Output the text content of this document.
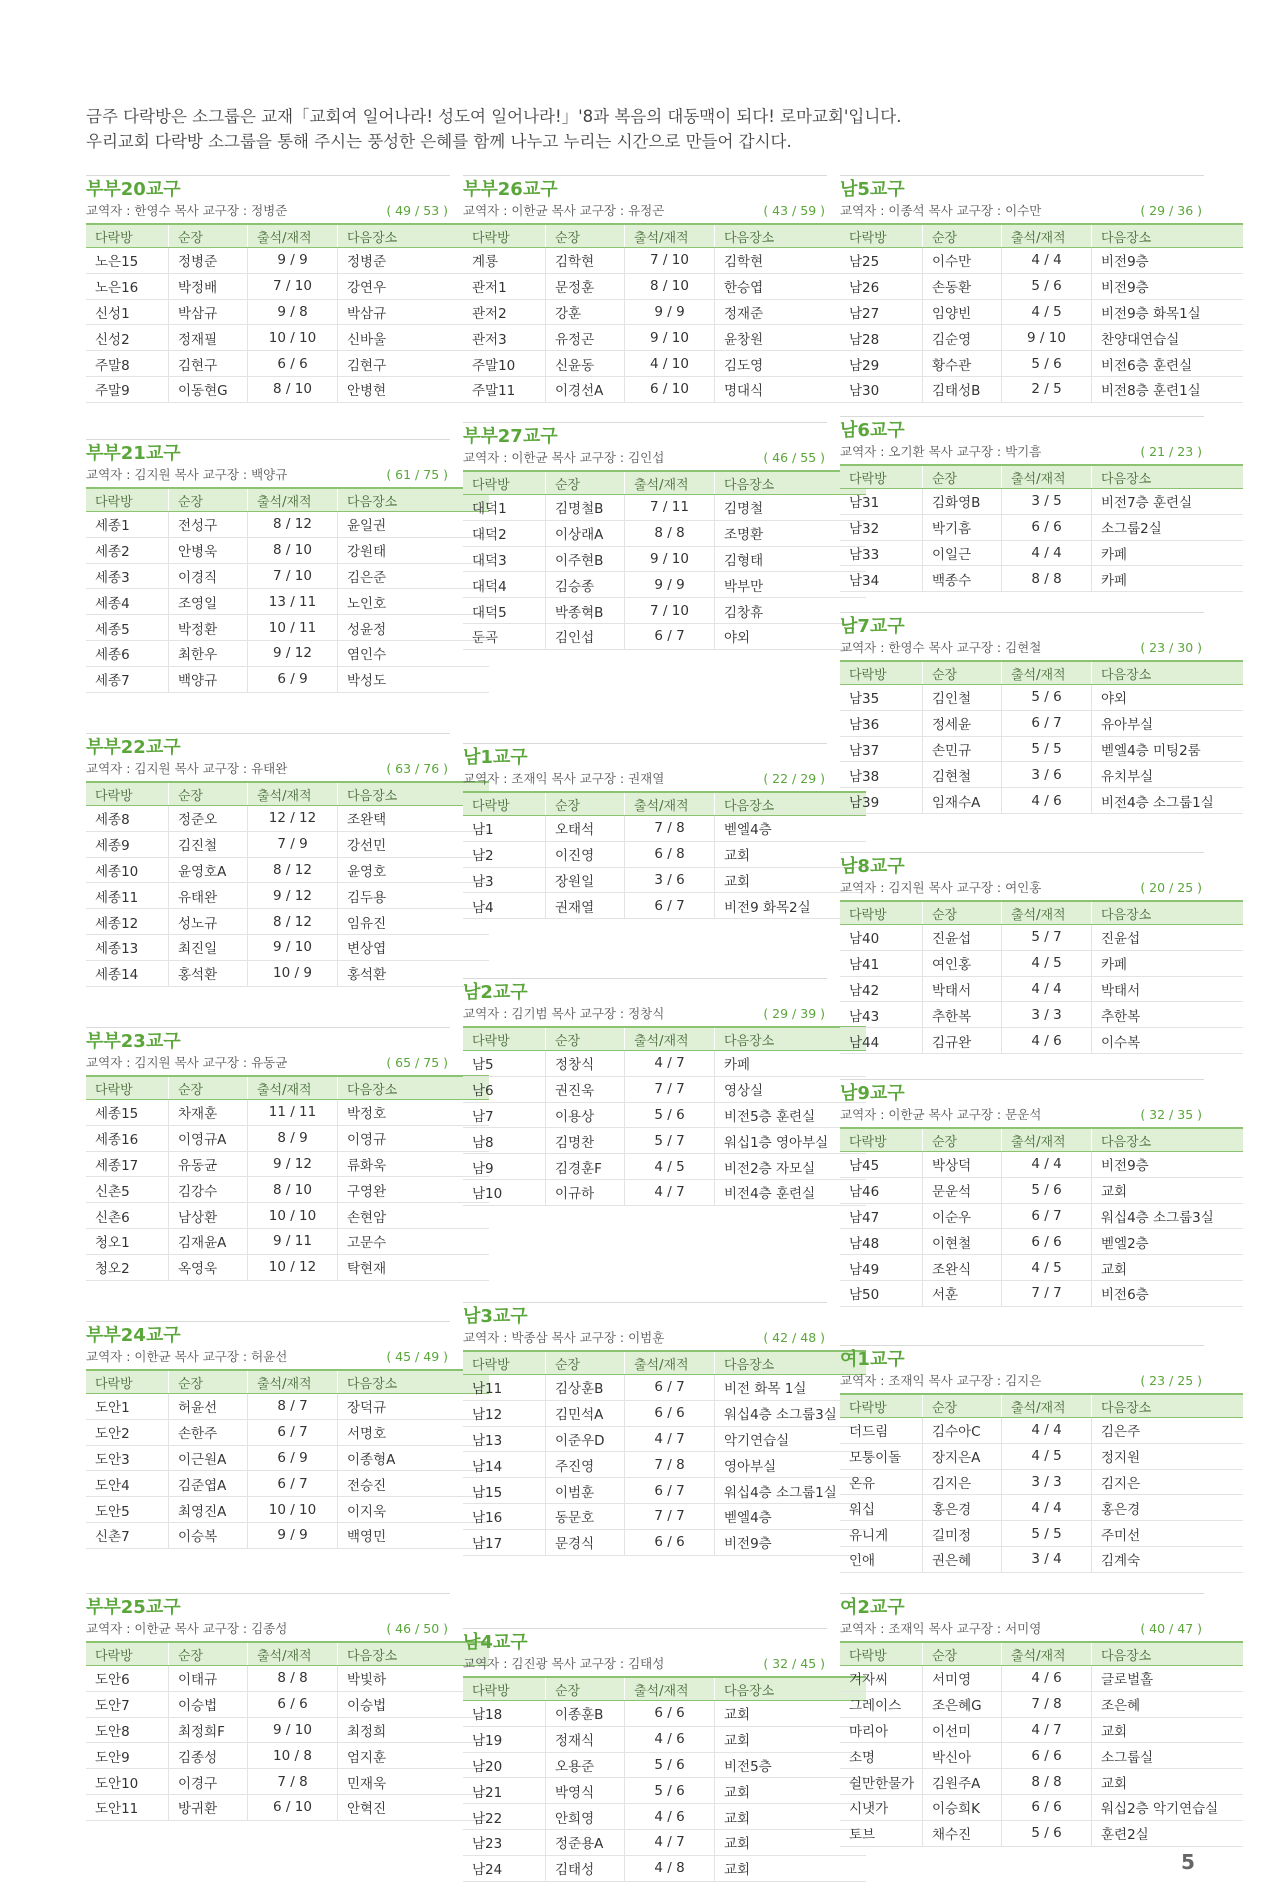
금주 다락방은 소그룹은 교재「교회여 일어나라! 성도여 일어나라!」'8과 복음의 대동맥이 되다! 로마교회'입니다.
우리교회 다락방 소그룹을 통해 주시는 풍성한 은혜를 함께 나누고 누리는 시간으로 만들어 갑시다.
부부20교구
교역자 : 한영수 목사 교구장 : 정병준	( 49 / 53 )
다락방	순장	출석/재적	다음장소
노은15	정병준	9 / 9	정병준
노은16	박정배	7 / 10	강연우
신성1	박삼규	9 / 8	박삼규
신성2	정재필	10 / 10	신바울
주말8	김현구	6 / 6	김현구
주말9	이동현G	8 / 10	안병현
부부21교구
교역자 : 김지원 목사 교구장 : 백양규	( 61 / 75 )
다락방	순장	출석/재적	다음장소
세종1	전성구	8 / 12	윤일권
세종2	안병욱	8 / 10	강원태
세종3	이경직	7 / 10	김은준
세종4	조영일	13 / 11	노인호
세종5	박정환	10 / 11	성윤정
세종6	최한우	9 / 12	염인수
세종7	백양규	6 / 9	박성도
부부22교구
교역자 : 김지원 목사 교구장 : 유태완	( 63 / 76 )
다락방	순장	출석/재적	다음장소
세종8	정준오	12 / 12	조완택
세종9	김진철	7 / 9	강선민
세종10	윤영호A	8 / 12	윤영호
세종11	유태완	9 / 12	김두용
세종12	성노규	8 / 12	임유진
세종13	최진일	9 / 10	변상엽
세종14	홍석환	10 / 9	홍석환
부부23교구
교역자 : 김지원 목사 교구장 : 유동균	( 65 / 75 )
다락방	순장	출석/재적	다음장소
세종15	차재훈	11 / 11	박정호
세종16	이영규A	8 / 9	이영규
세종17	유동균	9 / 12	류화욱
신촌5	김강수	8 / 10	구영완
신촌6	남상환	10 / 10	손현암
청오1	김재윤A	9 / 11	고문수
청오2	옥영욱	10 / 12	탁현재
부부24교구
교역자 : 이한균 목사 교구장 : 허윤선	( 45 / 49 )
다락방	순장	출석/재적	다음장소
도안1	허윤선	8 / 7	장덕규
도안2	손한주	6 / 7	서명호
도안3	이근원A	6 / 9	이종형A
도안4	김준엽A	6 / 7	전승진
도안5	최영진A	10 / 10	이지욱
신촌7	이승복	9 / 9	백영민
부부25교구
교역자 : 이한균 목사 교구장 : 김종성	( 46 / 50 )
다락방	순장	출석/재적	다음장소
도안6	이태규	8 / 8	박빛하
도안7	이승법	6 / 6	이승법
도안8	최정희F	9 / 10	최정희
도안9	김종성	10 / 8	엄지훈
도안10	이경구	7 / 8	민재욱
도안11	방귀환	6 / 10	안혁진
부부26교구
교역자 : 이한균 목사 교구장 : 유정곤	( 43 / 59 )
다락방	순장	출석/재적	다음장소
계룡	김학현	7 / 10	김학현
관저1	문정훈	8 / 10	한승엽
관저2	강훈	9 / 9	정재준
관저3	유정곤	9 / 10	윤창원
주말10	신윤동	4 / 10	김도영
주말11	이경선A	6 / 10	명대식
부부27교구
교역자 : 이한균 목사 교구장 : 김인섭	( 46 / 55 )
다락방	순장	출석/재적	다음장소
대덕1	김명철B	7 / 11	김명철
대덕2	이상래A	8 / 8	조명환
대덕3	이주현B	9 / 10	김형태
대덕4	김승종	9 / 9	박부만
대덕5	박종혁B	7 / 10	김창휴
둔곡	김인섭	6 / 7	야외
남1교구
교역자 : 조재익 목사 교구장 : 권재열	( 22 / 29 )
다락방	순장	출석/재적	다음장소
남1	오태석	7 / 8	벧엘4층
남2	이진영	6 / 8	교회
남3	장원일	3 / 6	교회
남4	권재열	6 / 7	비전9 화목2실
남2교구
교역자 : 김기범 목사 교구장 : 정창식	( 29 / 39 )
다락방	순장	출석/재적	다음장소
남5	정창식	4 / 7	카페
남6	권진욱	7 / 7	영상실
남7	이용상	5 / 6	비전5층 훈련실
남8	김명찬	5 / 7	워십1층 영아부실
남9	김경훈F	4 / 5	비전2층 자모실
남10	이규하	4 / 7	비전4층 훈련실
남3교구
교역자 : 박종삼 목사 교구장 : 이범훈	( 42 / 48 )
다락방	순장	출석/재적	다음장소
남11	김상훈B	6 / 7	비전 화목 1실
남12	김민석A	6 / 6	워십4층 소그룹3실
남13	이준우D	4 / 7	악기연습실
남14	주진영	7 / 8	영아부실
남15	이범훈	6 / 7	워십4층 소그룹1실
남16	동문호	7 / 7	벧엘4층
남17	문경식	6 / 6	비전9층
남4교구
교역자 : 김진광 목사 교구장 : 김태성	( 32 / 45 )
다락방	순장	출석/재적	다음장소
남18	이종훈B	6 / 6	교회
남19	정재식	4 / 6	교회
남20	오용준	5 / 6	비전5층
남21	박영식	5 / 6	교회
남22	안희영	4 / 6	교회
남23	정준용A	4 / 7	교회
남24	김태성	4 / 8	교회
남5교구
교역자 : 이종석 목사 교구장 : 이수만	( 29 / 36 )
다락방	순장	출석/재적	다음장소
남25	이수만	4 / 4	비전9층
남26	손동환	5 / 6	비전9층
남27	임양빈	4 / 5	비전9층 화목1실
남28	김순영	9 / 10	찬양대연습실
남29	황수관	5 / 6	비전6층 훈련실
남30	김태성B	2 / 5	비전8층 훈련1실
남6교구
교역자 : 오기환 목사 교구장 : 박기흠	( 21 / 23 )
다락방	순장	출석/재적	다음장소
남31	김화영B	3 / 5	비전7층 훈련실
남32	박기흠	6 / 6	소그룹2실
남33	이일근	4 / 4	카페
남34	백종수	8 / 8	카페
남7교구
교역자 : 한영수 목사 교구장 : 김현철	( 23 / 30 )
다락방	순장	출석/재적	다음장소
남35	김인철	5 / 6	야외
남36	정세윤	6 / 7	유아부실
남37	손민규	5 / 5	벧엘4층 미팅2룸
남38	김현철	3 / 6	유치부실
남39	임재수A	4 / 6	비전4층 소그룹1실
남8교구
교역자 : 김지원 목사 교구장 : 여인홍	( 20 / 25 )
다락방	순장	출석/재적	다음장소
남40	진윤섭	5 / 7	진윤섭
남41	여인홍	4 / 5	카페
남42	박태서	4 / 4	박태서
남43	추한복	3 / 3	추한복
남44	김규완	4 / 6	이수복
남9교구
교역자 : 이한균 목사 교구장 : 문운석	( 32 / 35 )
다락방	순장	출석/재적	다음장소
남45	박상덕	4 / 4	비전9층
남46	문운석	5 / 6	교회
남47	이순우	6 / 7	워십4층 소그룹3실
남48	이현철	6 / 6	벧엘2층
남49	조완식	4 / 5	교회
남50	서훈	7 / 7	비전6층
여1교구
교역자 : 조재익 목사 교구장 : 김지은	( 23 / 25 )
다락방	순장	출석/재적	다음장소
더드림	김수아C	4 / 4	김은주
모퉁이돌	장지은A	4 / 5	정지원
온유	김지은	3 / 3	김지은
워십	홍은경	4 / 4	홍은경
유니게	길미정	5 / 5	주미선
인애	권은혜	3 / 4	김계숙
여2교구
교역자 : 조재익 목사 교구장 : 서미영	( 40 / 47 )
다락방	순장	출석/재적	다음장소
겨자씨	서미영	4 / 6	글로벌홀
그레이스	조은혜G	7 / 8	조은혜
마리아	이선미	4 / 7	교회
소명	박신아	6 / 6	소그룹실
쉴만한물가	김원주A	8 / 8	교회
시냇가	이승희K	6 / 6	워십2층 악기연습실
토브	채수진	5 / 6	훈련2실
5
